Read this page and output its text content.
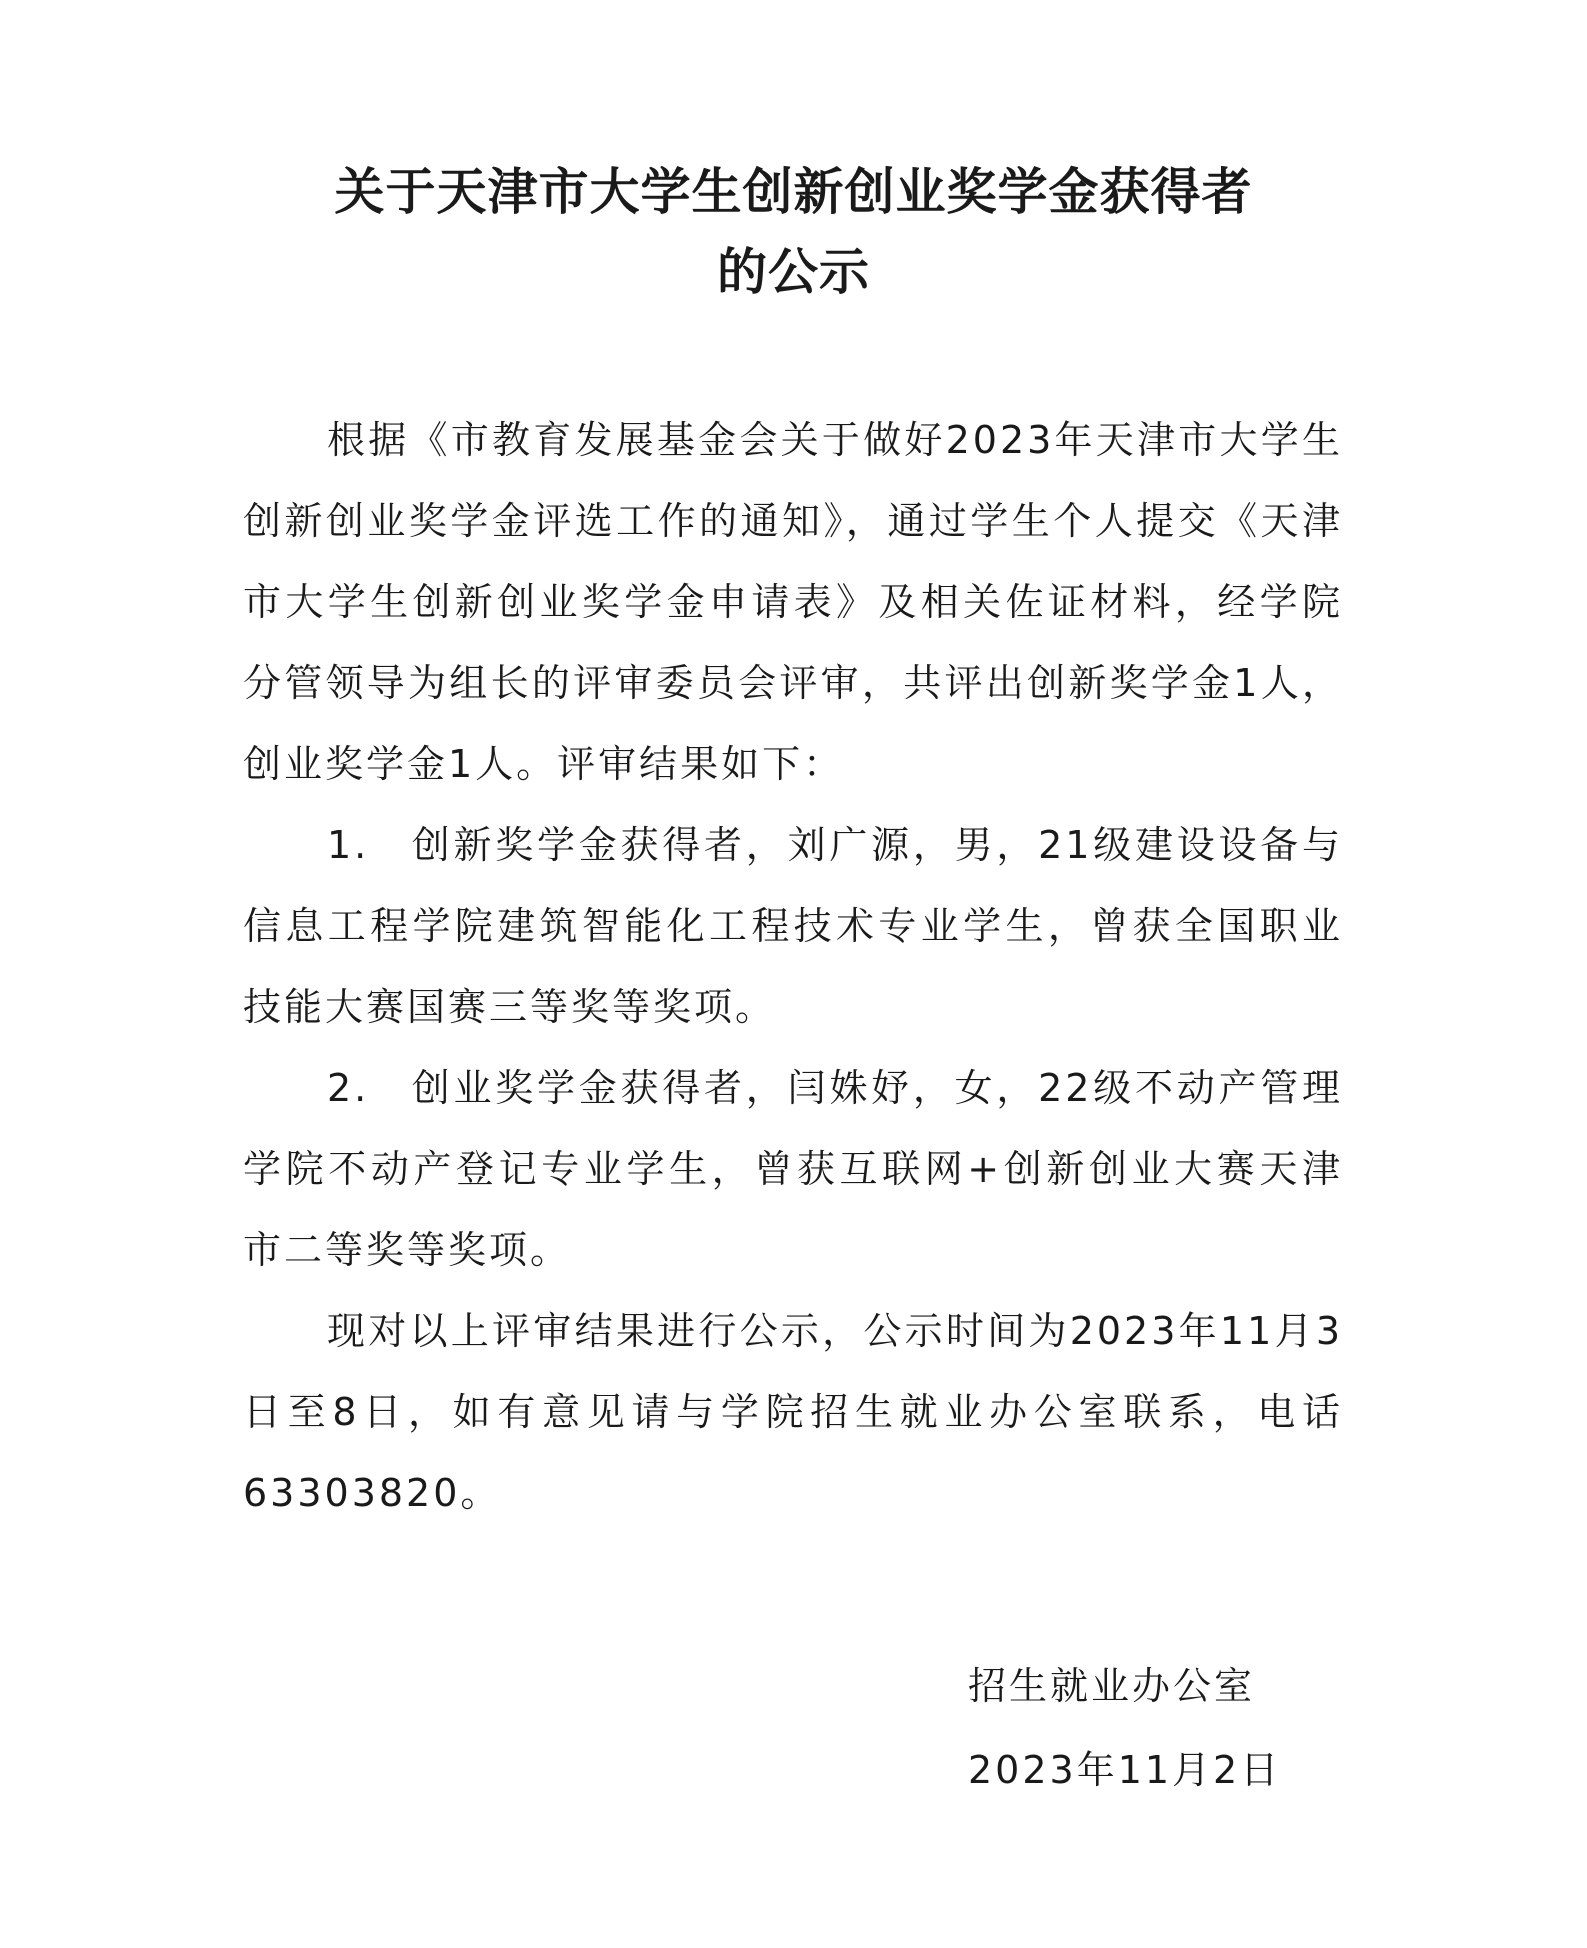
关于天津市大学生创新创业奖学金获得者
的公示

根据《市教育发展基金会关于做好2023年天津市大学生创新创业奖学金评选工作的通知》，通过学生个人提交《天津市大学生创新创业奖学金申请表》及相关佐证材料，经学院分管领导为组长的评审委员会评审，共评出创新奖学金1人，创业奖学金1人。评审结果如下：

1.　创新奖学金获得者，刘广源，男，21级建设设备与信息工程学院建筑智能化工程技术专业学生，曾获全国职业技能大赛国赛三等奖等奖项。

2.　创业奖学金获得者，闫姝妤，女，22级不动产管理学院不动产登记专业学生，曾获互联网+创新创业大赛天津市二等奖等奖项。

现对以上评审结果进行公示，公示时间为2023年11月3日至8日，如有意见请与学院招生就业办公室联系，电话63303820。

招生就业办公室
2023年11月2日
